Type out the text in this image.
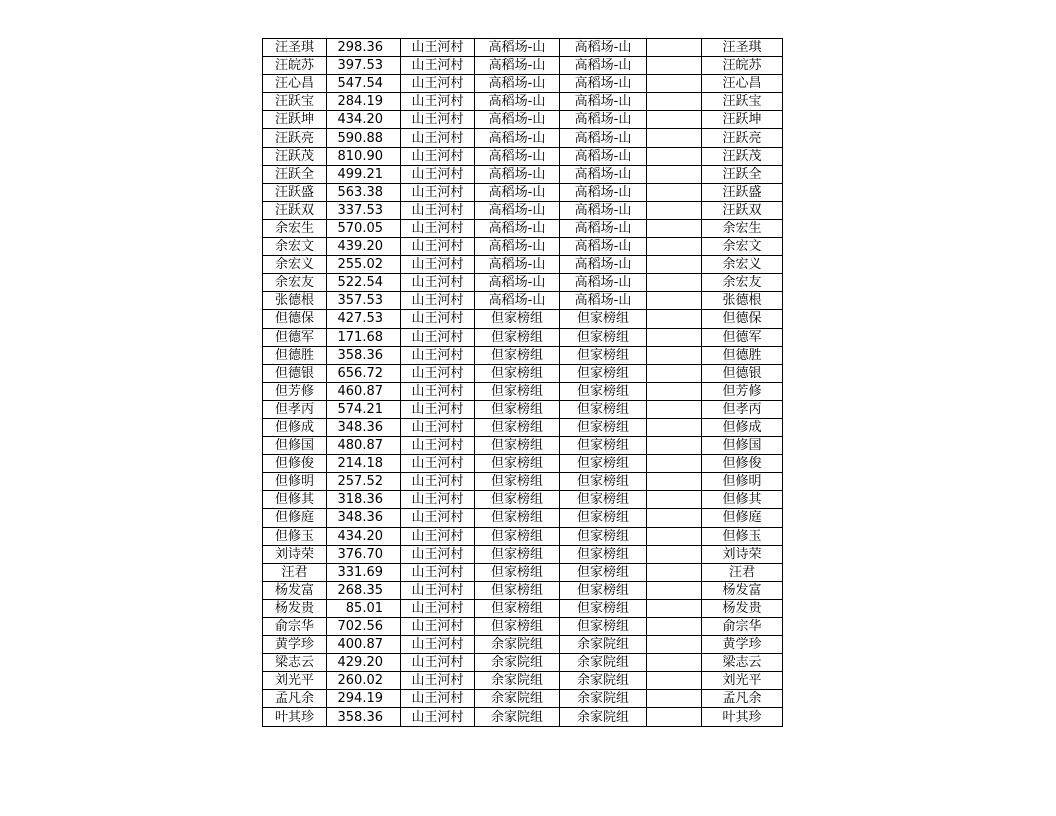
汪圣琪	298.36	山王河村	高稻场-山	高稻场-山		汪圣琪
汪皖苏	397.53	山王河村	高稻场-山	高稻场-山		汪皖苏
汪心昌	547.54	山王河村	高稻场-山	高稻场-山		汪心昌
汪跃宝	284.19	山王河村	高稻场-山	高稻场-山		汪跃宝
汪跃坤	434.20	山王河村	高稻场-山	高稻场-山		汪跃坤
汪跃亮	590.88	山王河村	高稻场-山	高稻场-山		汪跃亮
汪跃茂	810.90	山王河村	高稻场-山	高稻场-山		汪跃茂
汪跃全	499.21	山王河村	高稻场-山	高稻场-山		汪跃全
汪跃盛	563.38	山王河村	高稻场-山	高稻场-山		汪跃盛
汪跃双	337.53	山王河村	高稻场-山	高稻场-山		汪跃双
余宏生	570.05	山王河村	高稻场-山	高稻场-山		余宏生
余宏文	439.20	山王河村	高稻场-山	高稻场-山		余宏文
余宏义	255.02	山王河村	高稻场-山	高稻场-山		余宏义
余宏友	522.54	山王河村	高稻场-山	高稻场-山		余宏友
张德根	357.53	山王河村	高稻场-山	高稻场-山		张德根
但德保	427.53	山王河村	但家榜组	但家榜组		但德保
但德军	171.68	山王河村	但家榜组	但家榜组		但德军
但德胜	358.36	山王河村	但家榜组	但家榜组		但德胜
但德银	656.72	山王河村	但家榜组	但家榜组		但德银
但芳修	460.87	山王河村	但家榜组	但家榜组		但芳修
但孝丙	574.21	山王河村	但家榜组	但家榜组		但孝丙
但修成	348.36	山王河村	但家榜组	但家榜组		但修成
但修国	480.87	山王河村	但家榜组	但家榜组		但修国
但修俊	214.18	山王河村	但家榜组	但家榜组		但修俊
但修明	257.52	山王河村	但家榜组	但家榜组		但修明
但修其	318.36	山王河村	但家榜组	但家榜组		但修其
但修庭	348.36	山王河村	但家榜组	但家榜组		但修庭
但修玉	434.20	山王河村	但家榜组	但家榜组		但修玉
刘诗荣	376.70	山王河村	但家榜组	但家榜组		刘诗荣
汪君	331.69	山王河村	但家榜组	但家榜组		汪君
杨发富	268.35	山王河村	但家榜组	但家榜组		杨发富
杨发贵	85.01	山王河村	但家榜组	但家榜组		杨发贵
俞宗华	702.56	山王河村	但家榜组	但家榜组		俞宗华
黄学珍	400.87	山王河村	余家院组	余家院组		黄学珍
梁志云	429.20	山王河村	余家院组	余家院组		梁志云
刘光平	260.02	山王河村	余家院组	余家院组		刘光平
孟凡余	294.19	山王河村	余家院组	余家院组		孟凡余
叶其珍	358.36	山王河村	余家院组	余家院组		叶其珍
